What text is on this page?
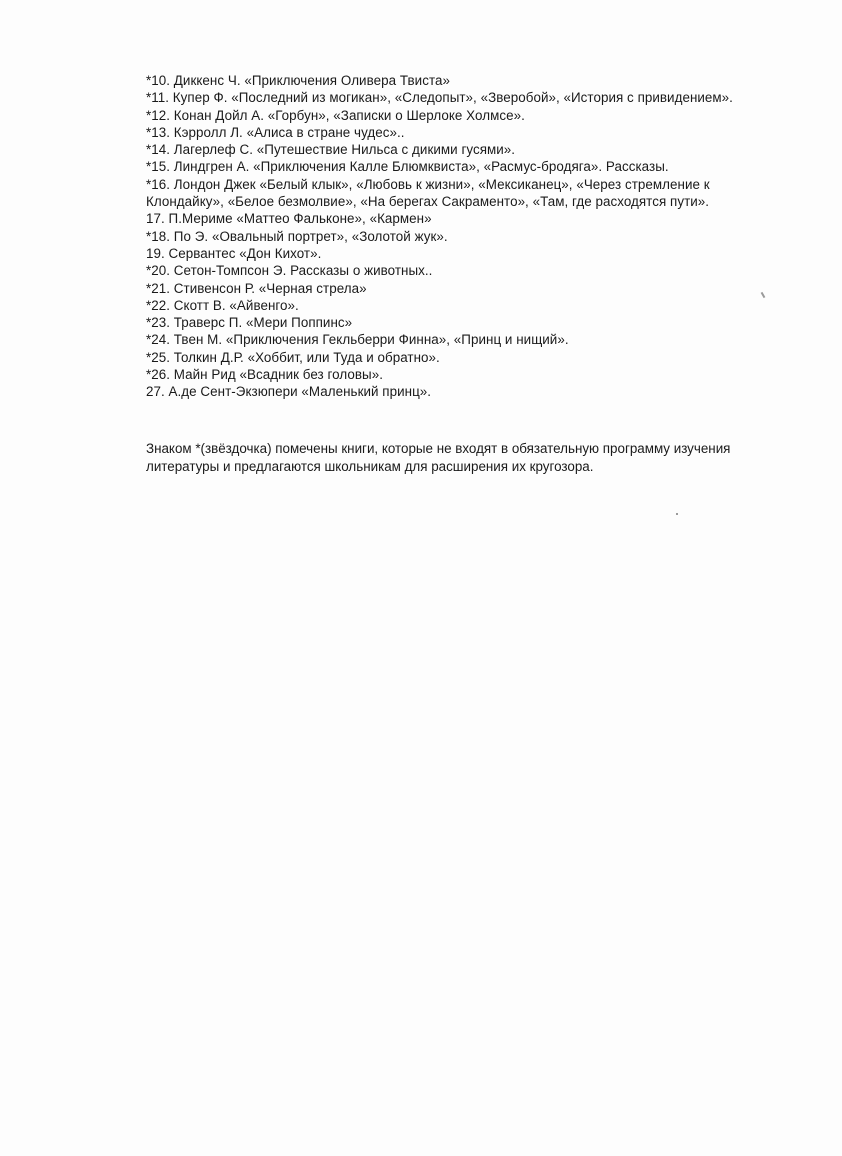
*10. Диккенс Ч. «Приключения Оливера Твиста»
*11. Купер Ф. «Последний из могикан», «Следопыт», «Зверобой», «История с привидением».
*12. Конан Дойл А. «Горбун», «Записки о Шерлоке Холмсе».
*13. Кэрролл Л. «Алиса в стране чудес»..
*14. Лагерлеф С. «Путешествие Нильса с дикими гусями».
*15. Линдгрен А. «Приключения Калле Блюмквиста», «Расмус-бродяга». Рассказы.
*16. Лондон Джек «Белый клык», «Любовь к жизни», «Мексиканец», «Через стремление к Клондайку», «Белое безмолвие», «На берегах Сакраменто», «Там, где расходятся пути».
17. П.Мериме «Маттео Фальконе», «Кармен»
*18. По Э. «Овальный портрет», «Золотой жук».
19. Сервантес «Дон Кихот».
*20. Сетон-Томпсон Э. Рассказы о животных..
*21. Стивенсон Р. «Черная стрела»
*22. Скотт В. «Айвенго».
*23. Траверс П. «Мери Поппинс»
*24. Твен М. «Приключения Гекльберри Финна», «Принц и нищий».
*25. Толкин Д.Р. «Хоббит, или Туда и обратно».
*26. Майн Рид «Всадник без головы».
27. А.де Сент-Экзюпери «Маленький принц».

Знаком *(звёздочка) помечены книги, которые не входят в обязательную программу изучения литературы и предлагаются школьникам для расширения их кругозора.
